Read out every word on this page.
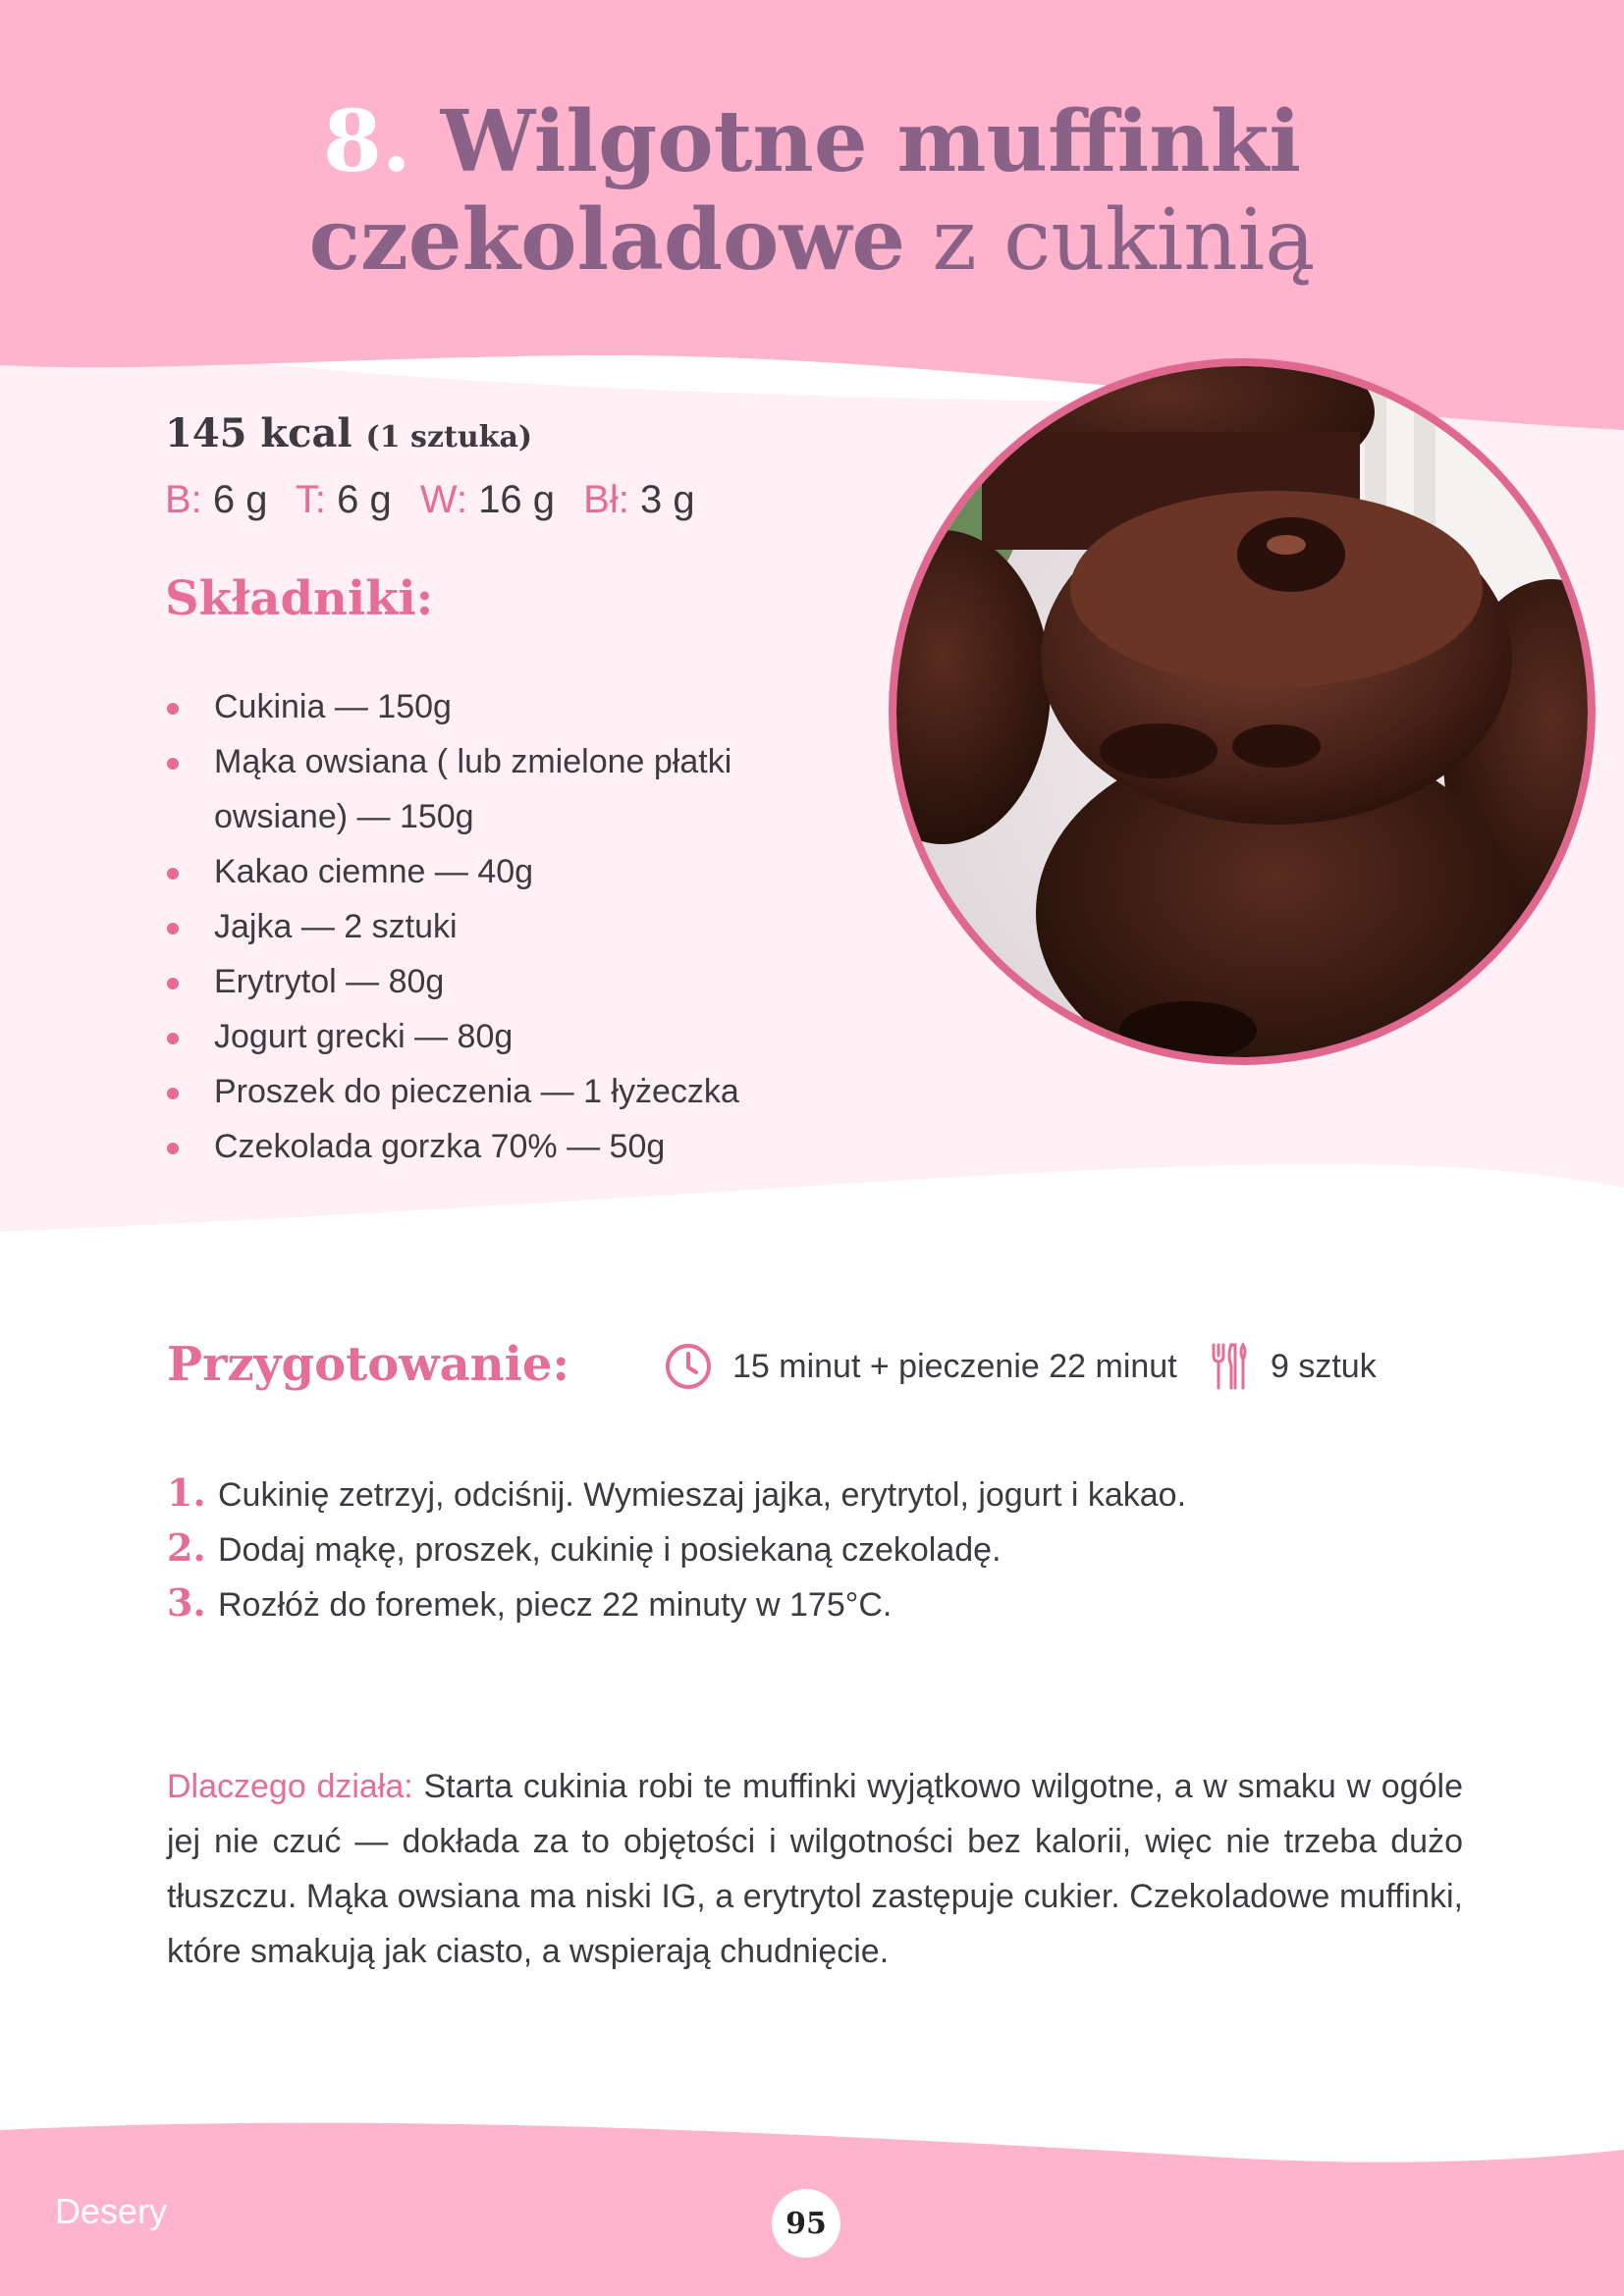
8. Wilgotne muffinki
czekoladowe z cukinią
145 kcal (1 sztuka)
B: 6 g T: 6 g W: 16 g Bł: 3 g
Składniki:
Cukinia — 150g
Mąka owsiana ( lub zmielone płatki owsiane) — 150g
Kakao ciemne — 40g
Jajka — 2 sztuki
Erytrytol — 80g
Jogurt grecki — 80g
Proszek do pieczenia — 1 łyżeczka
Czekolada gorzka 70% — 50g
Przygotowanie:	15 minut + pieczenie 22 minut	9 sztuk
1. Cukinię zetrzyj, odciśnij. Wymieszaj jajka, erytrytol, jogurt i kakao.
2. Dodaj mąkę, proszek, cukinię i posiekaną czekoladę.
3. Rozłóż do foremek, piecz 22 minuty w 175°C.
Dlaczego działa: Starta cukinia robi te muffinki wyjątkowo wilgotne, a w smaku w ogóle jej nie czuć — dokłada za to objętości i wilgotności bez kalorii, więc nie trzeba dużo tłuszczu. Mąka owsiana ma niski IG, a erytrytol zastępuje cukier. Czekoladowe muffinki, które smakują jak ciasto, a wspierają chudnięcie.
Desery	95
